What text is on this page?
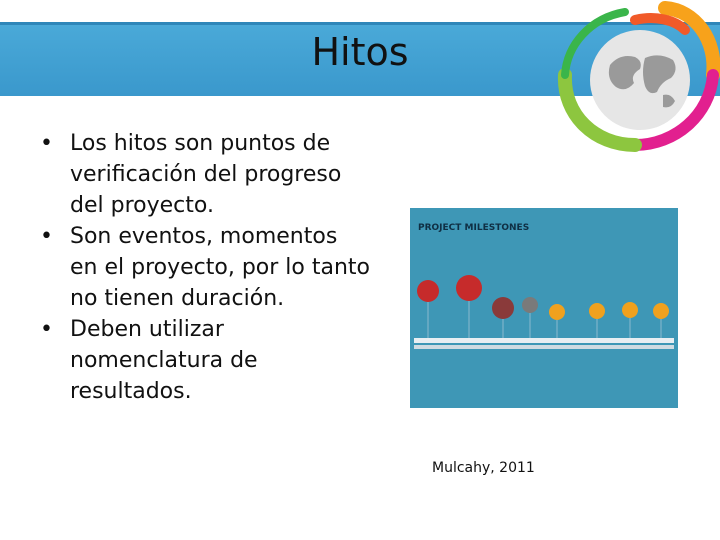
Hitos
• Los hitos son puntos de verificación del progreso del proyecto.
• Son eventos, momentos en el proyecto, por lo tanto no tienen duración.
• Deben utilizar nomenclatura de resultados.
PROJECT MILESTONES
Mulcahy, 2011
